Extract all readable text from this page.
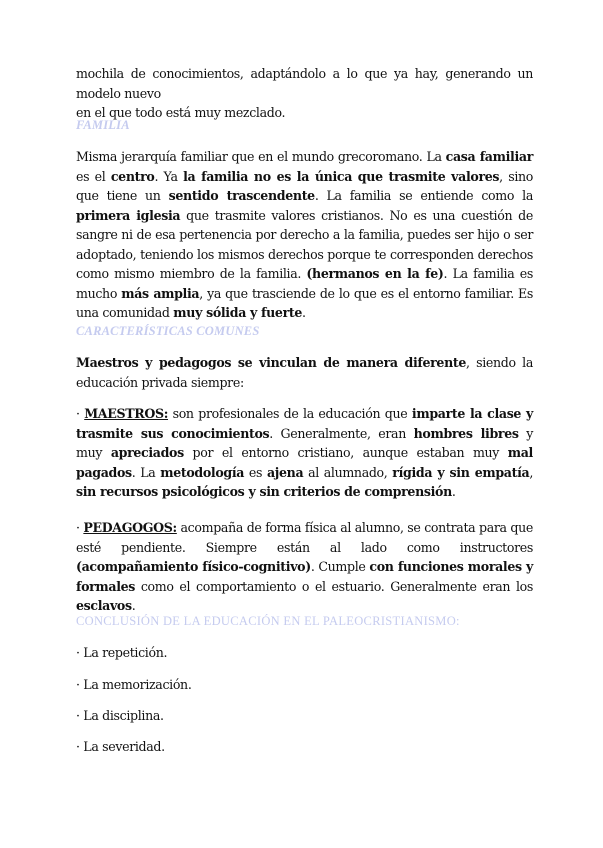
mochila de conocimientos, adaptándolo a lo que ya hay, generando un modelo nuevo
en el que todo está muy mezclado.
FAMILIA
Misma jerarquía familiar que en el mundo grecoromano. La casa familiar es el centro. Ya la familia no es la única que trasmite valores, sino que tiene un sentido trascendente. La familia se entiende como la primera iglesia que trasmite valores cristianos. No es una cuestión de sangre ni de esa pertenencia por derecho a la familia, puedes ser hijo o ser adoptado, teniendo los mismos derechos porque te corresponden derechos como mismo miembro de la familia. (hermanos en la fe). La familia es mucho más amplia, ya que trasciende de lo que es el entorno familiar. Es una comunidad muy sólida y fuerte.
CARACTERÍSTICAS COMUNES
Maestros y pedagogos se vinculan de manera diferente, siendo la educación privada siempre:
· MAESTROS: son profesionales de la educación que imparte la clase y trasmite sus conocimientos. Generalmente, eran hombres libres y muy apreciados por el entorno cristiano, aunque estaban muy mal pagados. La metodología es ajena al alumnado, rígida y sin empatía, sin recursos psicológicos y sin criterios de comprensión.
· PEDAGOGOS: acompaña de forma física al alumno, se contrata para que esté pendiente. Siempre están al lado como instructores (acompañamiento físico-cognitivo). Cumple con funciones morales y formales como el comportamiento o el estuario. Generalmente eran los esclavos.
CONCLUSIÓN DE LA EDUCACIÓN EN EL PALEOCRISTIANISMO:
· La repetición.
· La memorización.
· La disciplina.
· La severidad.
